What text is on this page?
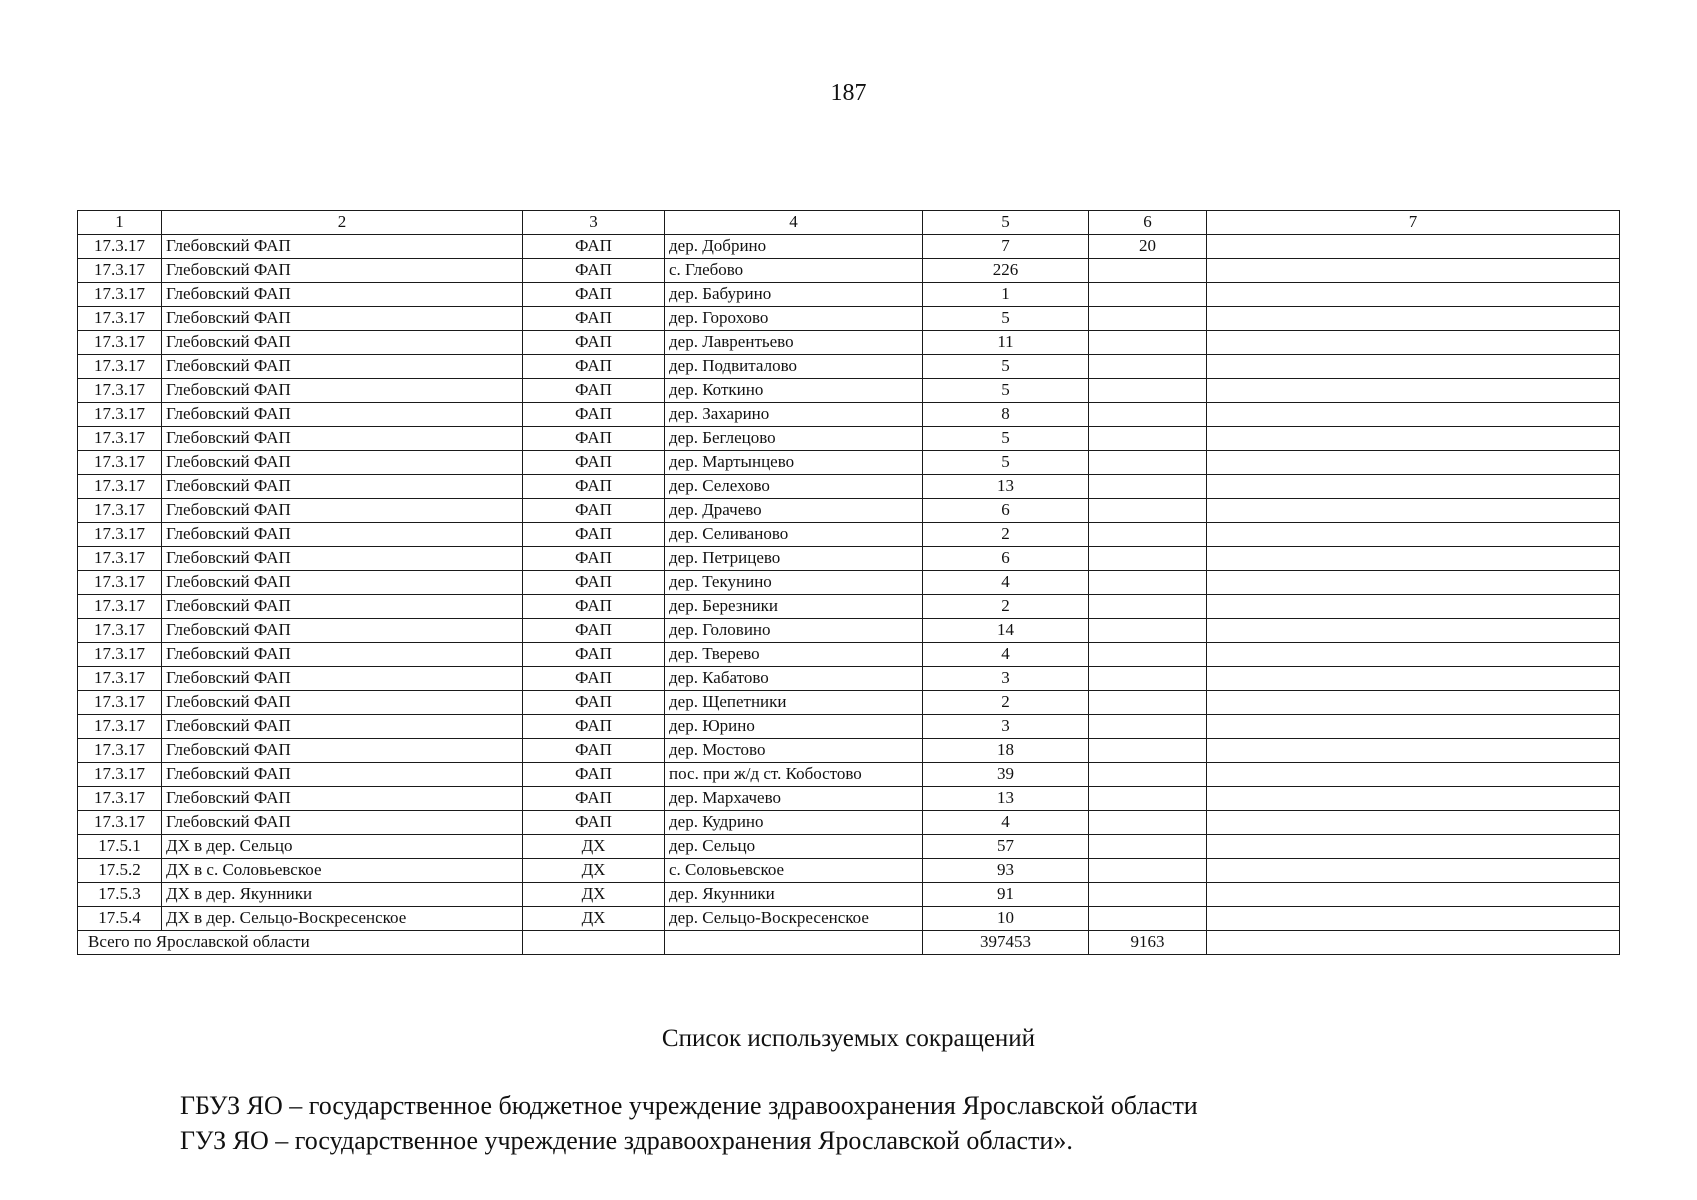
187
1	2	3	4	5	6	7
17.3.17	Глебовский ФАП	ФАП	дер. Добрино	7	20	
17.3.17	Глебовский ФАП	ФАП	с. Глебово	226		
17.3.17	Глебовский ФАП	ФАП	дер. Бабурино	1		
17.3.17	Глебовский ФАП	ФАП	дер. Горохово	5		
17.3.17	Глебовский ФАП	ФАП	дер. Лаврентьево	11		
17.3.17	Глебовский ФАП	ФАП	дер. Подвиталово	5		
17.3.17	Глебовский ФАП	ФАП	дер. Коткино	5		
17.3.17	Глебовский ФАП	ФАП	дер. Захарино	8		
17.3.17	Глебовский ФАП	ФАП	дер. Беглецово	5		
17.3.17	Глебовский ФАП	ФАП	дер. Мартынцево	5		
17.3.17	Глебовский ФАП	ФАП	дер. Селехово	13		
17.3.17	Глебовский ФАП	ФАП	дер. Драчево	6		
17.3.17	Глебовский ФАП	ФАП	дер. Селиваново	2		
17.3.17	Глебовский ФАП	ФАП	дер. Петрицево	6		
17.3.17	Глебовский ФАП	ФАП	дер. Текунино	4		
17.3.17	Глебовский ФАП	ФАП	дер. Березники	2		
17.3.17	Глебовский ФАП	ФАП	дер. Головино	14		
17.3.17	Глебовский ФАП	ФАП	дер. Тверево	4		
17.3.17	Глебовский ФАП	ФАП	дер. Кабатово	3		
17.3.17	Глебовский ФАП	ФАП	дер. Щепетники	2		
17.3.17	Глебовский ФАП	ФАП	дер. Юрино	3		
17.3.17	Глебовский ФАП	ФАП	дер. Мостово	18		
17.3.17	Глебовский ФАП	ФАП	пос. при ж/д ст. Кобостово	39		
17.3.17	Глебовский ФАП	ФАП	дер. Мархачево	13		
17.3.17	Глебовский ФАП	ФАП	дер. Кудрино	4		
17.5.1	ДХ в дер. Сельцо	ДХ	дер. Сельцо	57		
17.5.2	ДХ в с. Соловьевское	ДХ	с. Соловьевское	93		
17.5.3	ДХ в дер. Якунники	ДХ	дер. Якунники	91		
17.5.4	ДХ в дер. Сельцо-Воскресенское	ДХ	дер. Сельцо-Воскресенское	10		
Всего по Ярославской области				397453	9163	
Список используемых сокращений
ГБУЗ ЯО – государственное бюджетное учреждение здравоохранения Ярославской области
ГУЗ ЯО – государственное учреждение здравоохранения Ярославской области».
